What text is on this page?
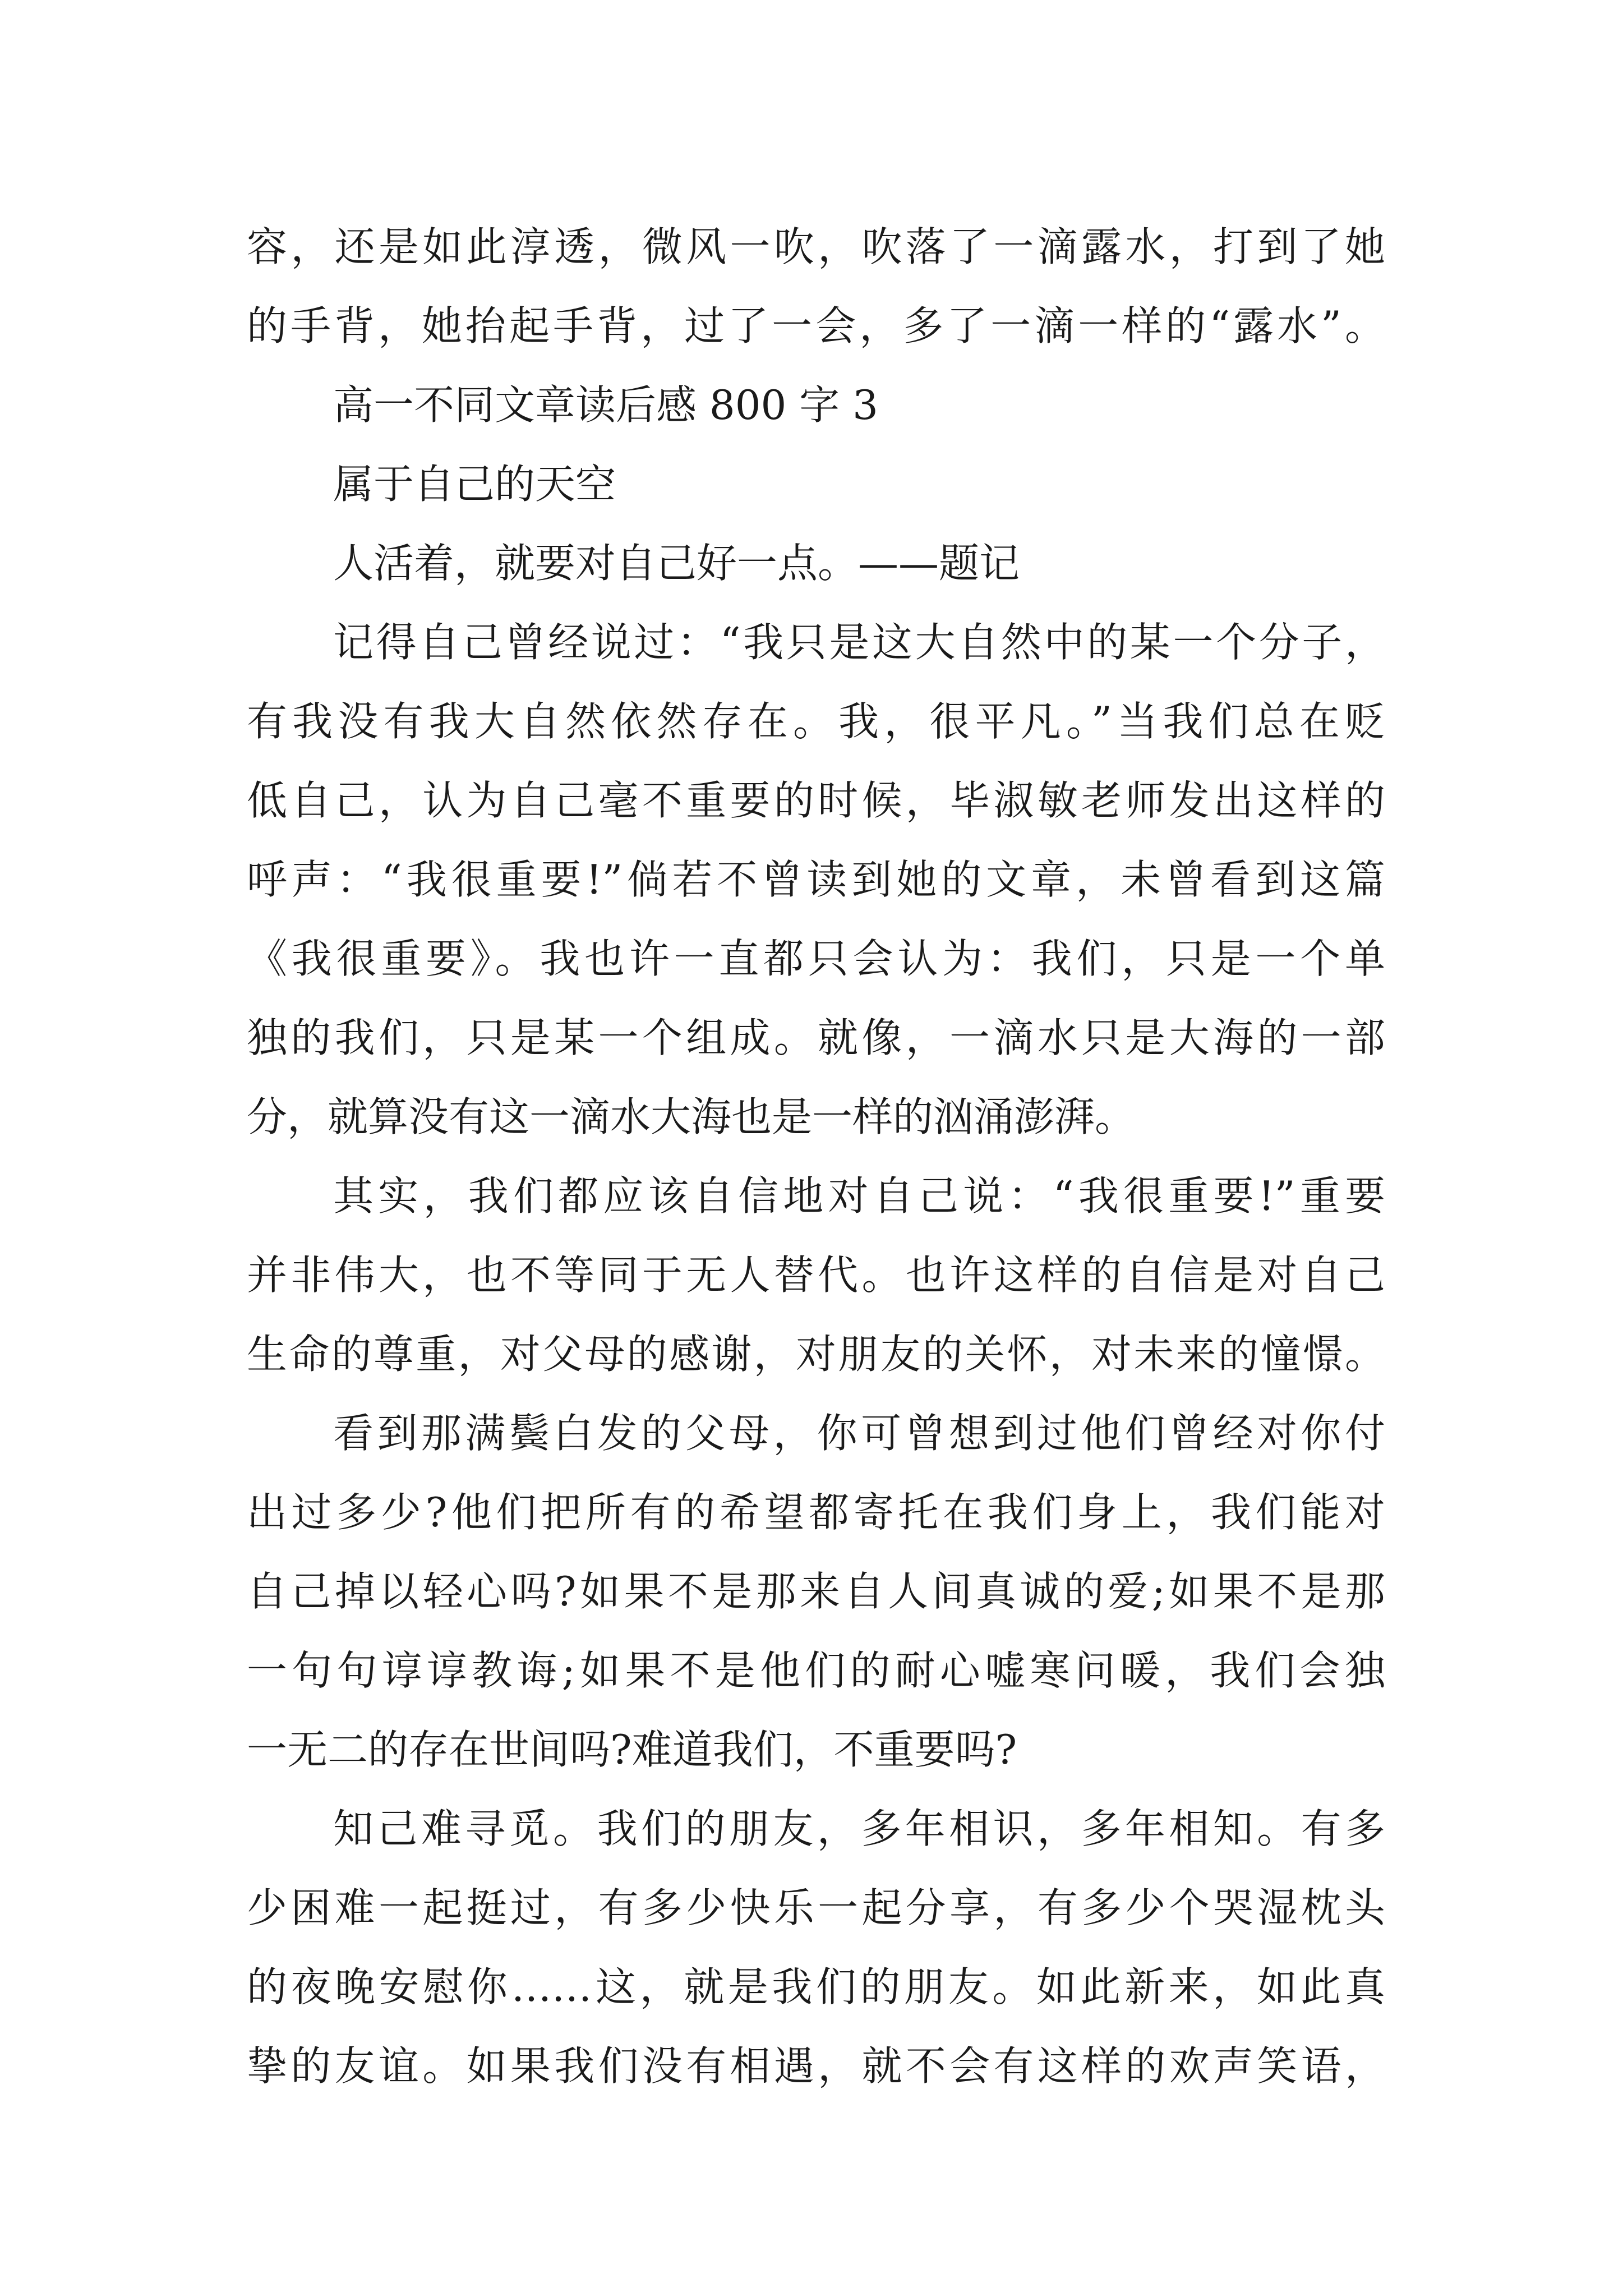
容，还是如此淳透，微风一吹，吹落了一滴露水，打到了她
的手背，她抬起手背，过了一会，多了一滴一样的“露水”。
高一不同文章读后感 800 字 3
属于自己的天空
人活着，就要对自己好一点。——题记
记得自己曾经说过：“我只是这大自然中的某一个分子，
有我没有我大自然依然存在。我，很平凡。”当我们总在贬
低自己，认为自己毫不重要的时候，毕淑敏老师发出这样的
呼声：“我很重要!”倘若不曾读到她的文章，未曾看到这篇
《我很重要》。我也许一直都只会认为：我们，只是一个单
独的我们，只是某一个组成。就像，一滴水只是大海的一部
分，就算没有这一滴水大海也是一样的汹涌澎湃。
其实，我们都应该自信地对自己说：“我很重要!”重要
并非伟大，也不等同于无人替代。也许这样的自信是对自己
生命的尊重，对父母的感谢，对朋友的关怀，对未来的憧憬。
看到那满鬓白发的父母，你可曾想到过他们曾经对你付
出过多少?他们把所有的希望都寄托在我们身上，我们能对
自己掉以轻心吗?如果不是那来自人间真诚的爱;如果不是那
一句句谆谆教诲;如果不是他们的耐心嘘寒问暖，我们会独
一无二的存在世间吗?难道我们，不重要吗?
知己难寻觅。我们的朋友，多年相识，多年相知。有多
少困难一起挺过，有多少快乐一起分享，有多少个哭湿枕头
的夜晚安慰你……这，就是我们的朋友。如此新来，如此真
挚的友谊。如果我们没有相遇，就不会有这样的欢声笑语，
